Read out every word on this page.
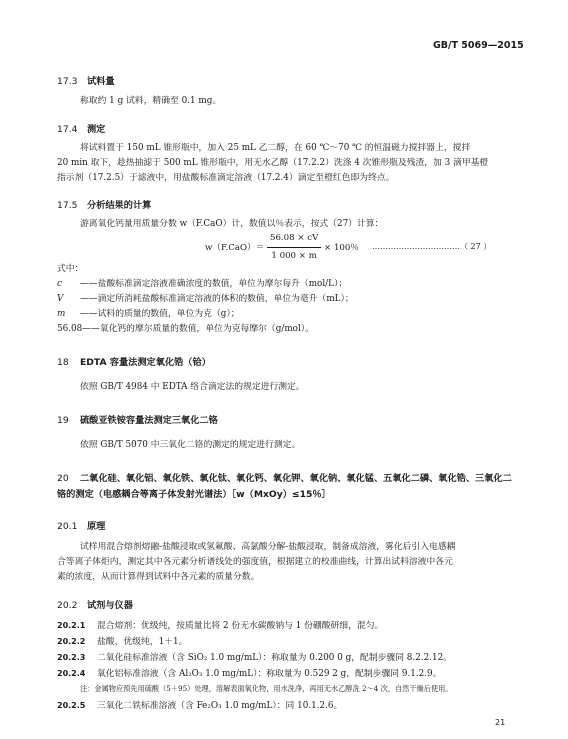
GB/T 5069—2015
17.3 试料量
称取约 1 g 试料，精确至 0.1 mg。
17.4 测定
将试料置于 150 mL 锥形瓶中，加入 25 mL 乙二醇，在 60 ℃～70 ℃ 的恒温磁力搅拌器上，搅拌
20 min 取下，趁热抽滤于 500 mL 锥形瓶中，用无水乙醇（17.2.2）洗涤 4 次锥形瓶及残渣，加 3 滴甲基橙
指示剂（17.2.5）于滤液中，用盐酸标准滴定溶液（17.2.4）滴定至橙红色即为终点。
17.5 分析结果的计算
游离氧化钙量用质量分数 w（F.CaO）计，数值以％表示，按式（27）计算：
$w(F.CaO)= \frac{56.08 \times cV}{1 000 \times m} \times 100$％ ……………………………（ 27 ）
式中：
c ——盐酸标准滴定溶液准确浓度的数值，单位为摩尔每升（mol/L）；
V ——滴定所消耗盐酸标准滴定溶液的体积的数值，单位为毫升（mL）；
m ——试料的质量的数值，单位为克（g）；
56.08——氧化钙的摩尔质量的数值，单位为克每摩尔（g/mol）。
18 EDTA 容量法测定氧化锆（铪）
依照 GB/T 4984 中 EDTA 络合滴定法的规定进行测定。
19 硫酸亚铁铵容量法测定三氧化二铬
依照 GB/T 5070 中三氧化二铬的测定的规定进行测定。
20 二氧化硅、氧化铝、氧化铁、氧化钛、氧化钙、氧化钾、氧化钠、氧化锰、五氧化二磷、氧化锆、三氧化二
铬的测定（电感耦合等离子体发射光谱法）［w（MxOy）≤15％］
20.1 原理
试样用混合熔剂熔融-盐酸浸取或氢氟酸、高氯酸分解-盐酸浸取，制备成溶液，雾化后引入电感耦
合等离子体炬内，测定其中各元素分析谱线处的强度值，根据建立的校准曲线，计算出试料溶液中各元
素的浓度，从而计算得到试料中各元素的质量分数。
20.2 试剂与仪器
20.2.1 混合熔剂：优级纯，按质量比将 2 份无水碳酸钠与 1 份硼酸研细，混匀。
20.2.2 盐酸，优级纯，1＋1。
20.2.3 二氧化硅标准溶液（含 SiO₂ 1.0 mg/mL）：称取量为 0.200 0 g，配制步骤同 8.2.2.12。
20.2.4 氧化铝标准溶液（含 Al₂O₃ 1.0 mg/mL）：称取量为 0.529 2 g，配制步骤同 9.1.2.9。
注：金属物应预先用硫酸（5＋95）处理，溶解表面氧化物，用水洗净，再用无水乙醇洗 2～4 次，自然干燥后使用。
20.2.5 三氧化二铁标准溶液（含 Fe₂O₃ 1.0 mg/mL）：同 10.1.2.6。
21
